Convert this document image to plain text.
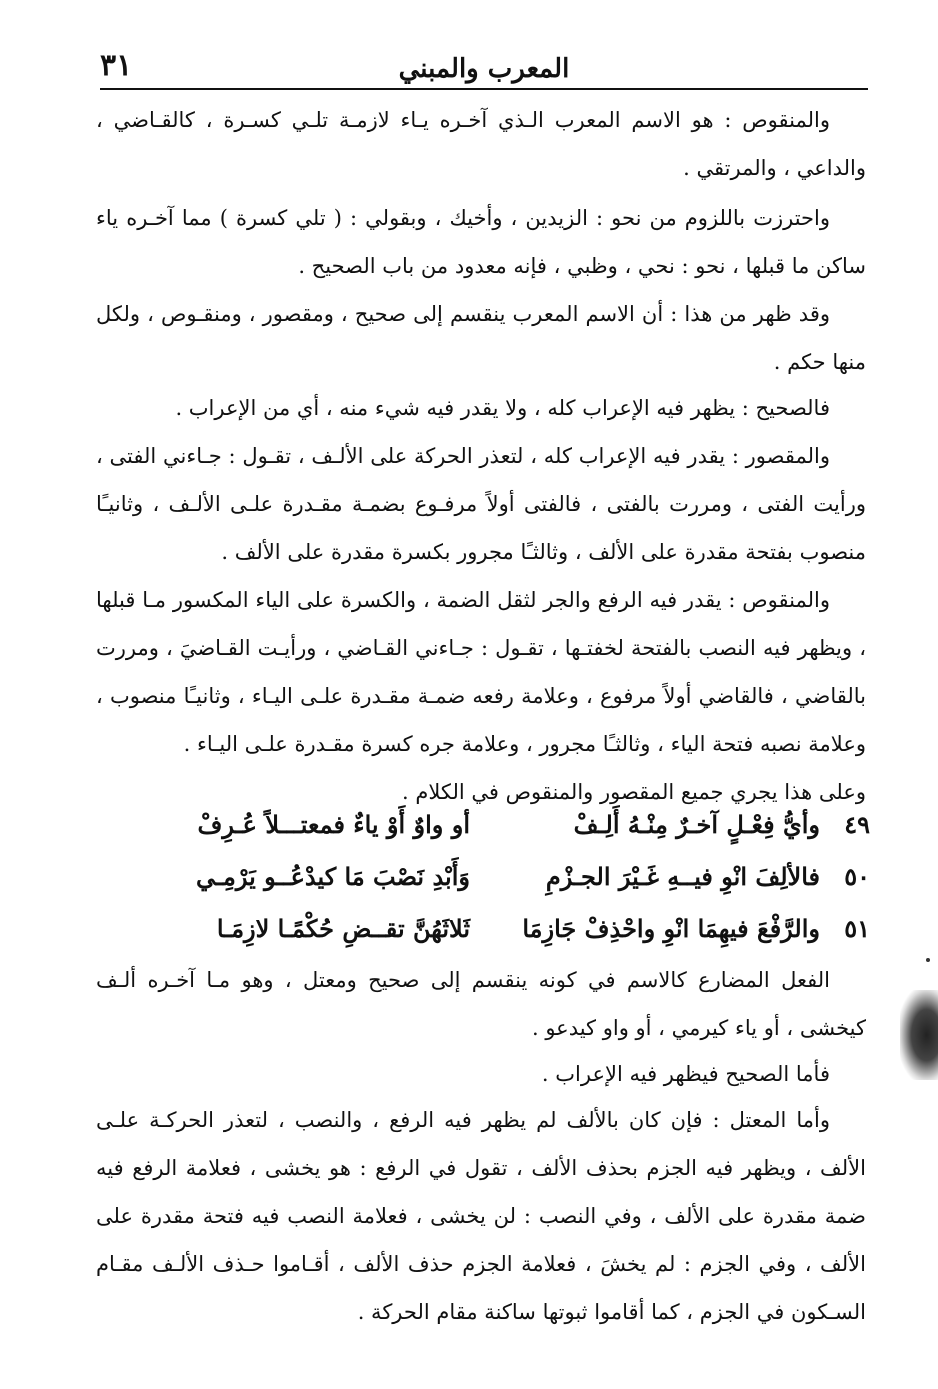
٣١	المعرب والمبني

والمنقوص : هو الاسم المعرب الـذي آخـره يـاء لازمـة تلـي كسـرة ، كالقـاضي ، والداعي ، والمرتقي .

واحترزت باللزوم من نحو : الزيدين ، وأخيك ، وبقولي : ( تلي كسرة ) مما آخـره ياء ساكن ما قبلها ، نحو : نحي ، وظبي ، فإنه معدود من باب الصحيح .

وقد ظهر من هذا : أن الاسم المعرب ينقسم إلى صحيح ، ومقصور ، ومنقـوص ، ولكل منها حكم .

فالصحيح : يظهر فيه الإعراب كله ، ولا يقدر فيه شيء منه ، أي من الإعراب .

والمقصور : يقدر فيه الإعراب كله ، لتعذر الحركة على الألـف ، تقـول : جـاءني الفتى ، ورأيت الفتى ، ومررت بالفتى ، فالفتى أولاً مرفـوع بضمـة مقـدرة علـى الألـف ، وثانيـًا منصوب بفتحة مقدرة على الألف ، وثالثـًا مجرور بكسرة مقدرة على الألف .

والمنقوص : يقدر فيه الرفع والجر لثقل الضمة ، والكسرة على الياء المكسور مـا قبلها ، ويظهر فيه النصب بالفتحة لخفتـها ، تقـول : جـاءني القـاضي ، ورأيـت القـاضيَ ، ومررت بالقاضي ، فالقاضي أولاً مرفوع ، وعلامة رفعه ضمـة مقـدرة علـى اليـاء ، وثانيـًا منصوب ، وعلامة نصبه فتحة الياء ، وثالثـًا مجرور ، وعلامة جره كسرة مقـدرة علـى اليـاء .

وعلى هذا يجري جميع المقصور والمنقوص في الكلام .

٤٩
وأيُّ فِعْـلٍ آخـرٌ مِنْـهُ أَلِـفْ
أو واوٌ أَوْ ياءٌ فمعتـــلاً عُـرِفْ
٥٠
فالألِفَ انْوِ فيــهِ غَـيْرَ الجـزْمِ
وَأَبْدِ نَصْبَ مَا كيدْعُــو يَرْمِـي
٥١
والرَّفْعَ فيهِمَا انْوِ واحْذِفْ جَازِمَا
ثَلاثَهُنَّ تقــضِ حُكْمًـا لازِمَـا

الفعل المضارع كالاسم في كونه ينقسم إلى صحيح ومعتل ، وهو مـا آخـره ألـف كيخشى ، أو ياء كيرمي ، أو واو كيدعو .

فأما الصحيح فيظهر فيه الإعراب .

وأما المعتل : فإن كان بالألف لم يظهر فيه الرفع ، والنصب ، لتعذر الحركـة علـى الألف ، ويظهر فيه الجزم بحذف الألف ، تقول في الرفع : هو يخشى ، فعلامة الرفع فيه ضمة مقدرة على الألف ، وفي النصب : لن يخشى ، فعلامة النصب فيه فتحة مقدرة على الألف ، وفي الجزم : لم يخشَ ، فعلامة الجزم حذف الألف ، أقـاموا حـذف الألـف مقـام السـكون في الجزم ، كما أقاموا ثبوتها ساكنة مقام الحركة .
